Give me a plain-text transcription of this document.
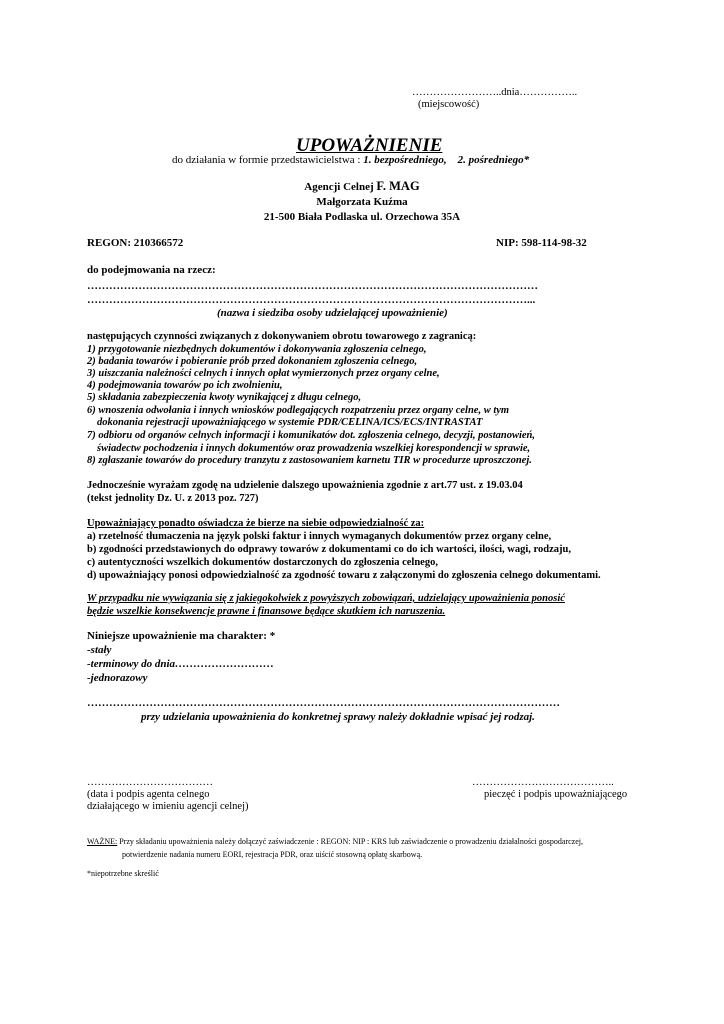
……………………..dnia……………..
(miejscowość)
UPOWAŻNIENIE
do działania w formie przedstawicielstwa : 1. bezpośredniego, 2. pośredniego*
Agencji Celnej F. MAG
Małgorzata Kuźma
21-500 Biała Podlaska ul. Orzechowa 35A
REGON: 210366572	NIP: 598-114-98-32
do podejmowania na rzecz:
……………………………………………………………………………………………………………
…………………………………………………………………………………………………………...
(nazwa i siedziba osoby udzielającej upoważnienie)
następujących czynności związanych z dokonywaniem obrotu towarowego z zagranicą:
1) przygotowanie niezbędnych dokumentów i dokonywania zgłoszenia celnego,
2) badania towarów i pobieranie prób przed dokonaniem zgłoszenia celnego,
3) uiszczania należności celnych i innych opłat wymierzonych przez organy celne,
4) podejmowania towarów po ich zwolnieniu,
5) składania zabezpieczenia kwoty wynikającej z długu celnego,
6) wnoszenia odwołania i innych wniosków podlegających rozpatrzeniu przez organy celne, w tym
dokonania rejestracji upoważniającego w systemie PDR/CELINA/ICS/ECS/INTRASTAT
7) odbioru od organów celnych informacji i komunikatów dot. zgłoszenia celnego, decyzji, postanowień,
świadectw pochodzenia i innych dokumentów oraz prowadzenia wszelkiej korespondencji w sprawie,
8) zgłaszanie towarów do procedury tranzytu z zastosowaniem karnetu TIR w procedurze uproszczonej.
Jednocześnie wyrażam zgodę na udzielenie dalszego upoważnienia zgodnie z art.77 ust. z 19.03.04
(tekst jednolity Dz. U. z 2013 poz. 727)
Upoważniający ponadto oświadcza że bierze na siebie odpowiedzialność za:
a) rzetelność tłumaczenia na język polski faktur i innych wymaganych dokumentów przez organy celne,
b) zgodności przedstawionych do odprawy towarów z dokumentami co do ich wartości, ilości, wagi, rodzaju,
c) autentyczności wszelkich dokumentów dostarczonych do zgłoszenia celnego,
d) upoważniający ponosi odpowiedzialność za zgodność towaru z załączonymi do zgłoszenia celnego dokumentami.
W przypadku nie wywiązania się z jakiegokolwiek z powyższych zobowiązań, udzielający upoważnienia ponosić
będzie wszelkie konsekwencje prawne i finansowe będące skutkiem ich naruszenia.
Niniejsze upoważnienie ma charakter: *
-stały
-terminowy do dnia………………………
-jednorazowy
…………………………………………………………………………………………………………………
przy udzielania upoważnienia do konkretnej sprawy należy dokładnie wpisać jej rodzaj.
………………………………
(data i podpis agenta celnego
działającego w imieniu agencji celnej)
…………………………………..
pieczęć i podpis upoważniającego
WAŻNE: Przy składaniu upoważnienia należy dołączyć zaświadczenie : REGON: NIP : KRS lub zaświadczenie o prowadzeniu działalności gospodarczej,
potwierdzenie nadania numeru EORI, rejestracja PDR, oraz uiścić stosowną opłatę skarbową.
*niepotrzebne skreślić
